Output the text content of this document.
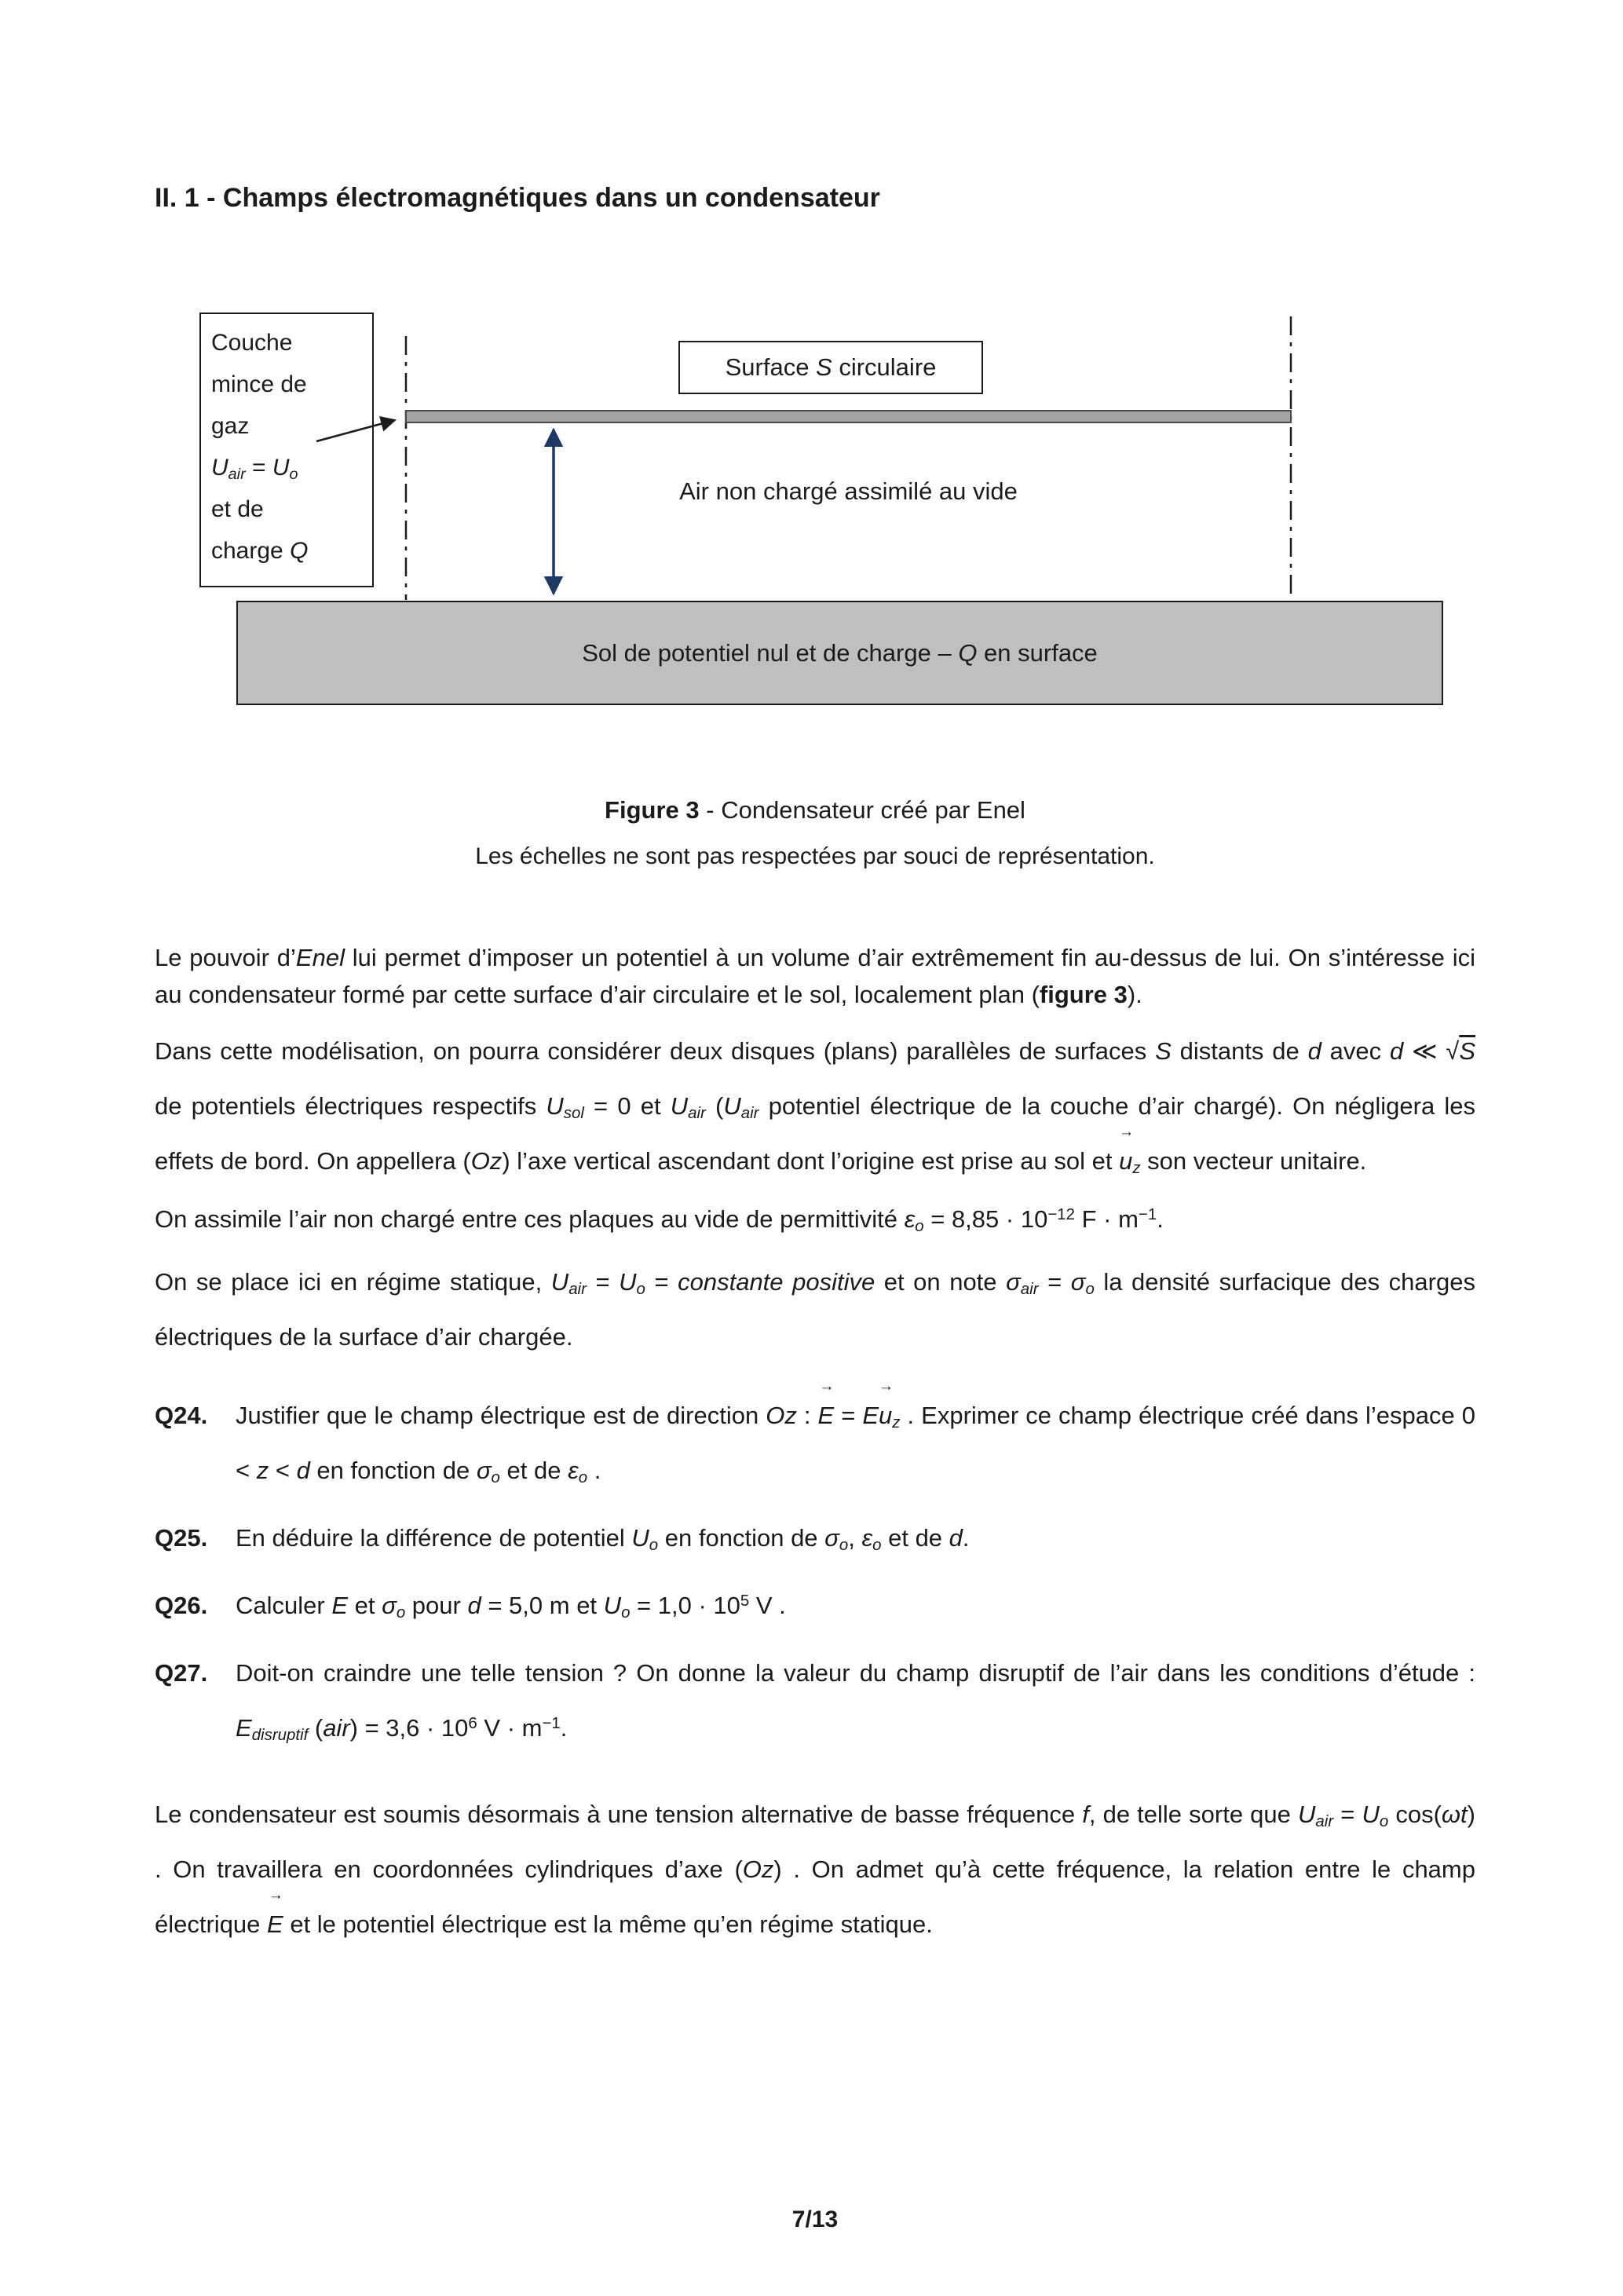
II. 1 - Champs électromagnétiques dans un condensateur
Couche
mince de
gaz
Uair = Uo
et de
charge Q
Surface S circulaire
Air non chargé assimilé au vide
Sol de potentiel nul et de charge – Q en surface
Figure 3 - Condensateur créé par Enel
Les échelles ne sont pas respectées par souci de représentation.

Le pouvoir d’Enel lui permet d’imposer un potentiel à un volume d’air extrêmement fin au-dessus de lui. On s’intéresse ici au condensateur formé par cette surface d’air circulaire et le sol, localement plan (figure 3).

Dans cette modélisation, on pourra considérer deux disques (plans) parallèles de surfaces S distants de d avec d ≪ √S de potentiels électriques respectifs Usol = 0 et Uair (Uair potentiel électrique de la couche d’air chargé). On négligera les effets de bord. On appellera (Oz) l’axe vertical ascendant dont l’origine est prise au sol et u →z son vecteur unitaire.

On assimile l’air non chargé entre ces plaques au vide de permittivité $\varepsilon o = 8,85 \cdot 10^{-12}$ $F \cdot m^{-1}$.

On se place ici en régime statique, Uair = Uo = constante positive et on note σair = σo la densité surfacique des charges électriques de la surface d’air chargée.

Q24. Justifier que le champ électrique est de direction Oz : E → = Eu →z . Exprimer ce champ électrique créé dans l’espace 0 < z < d en fonction de σo et de εo .

Q25. En déduire la différence de potentiel Uo en fonction de σo, εo et de d.

Q26. Calculer E et σo pour d = 5,0 m et $Uo = 1,0 \cdot 10^5$ V .

Q27. Doit-on craindre une telle tension ? On donne la valeur du champ disruptif de l’air dans les conditions d’étude : Edisruptif $(air) = 3,6 \cdot 10^6$ $V \cdot m^{-1}$.

Le condensateur est soumis désormais à une tension alternative de basse fréquence f, de telle sorte que Uair = Uo cos(ωt) . On travaillera en coordonnées cylindriques d’axe (Oz) . On admet qu’à cette fréquence, la relation entre le champ électrique E → et le potentiel électrique est la même qu’en régime statique.

7/13
